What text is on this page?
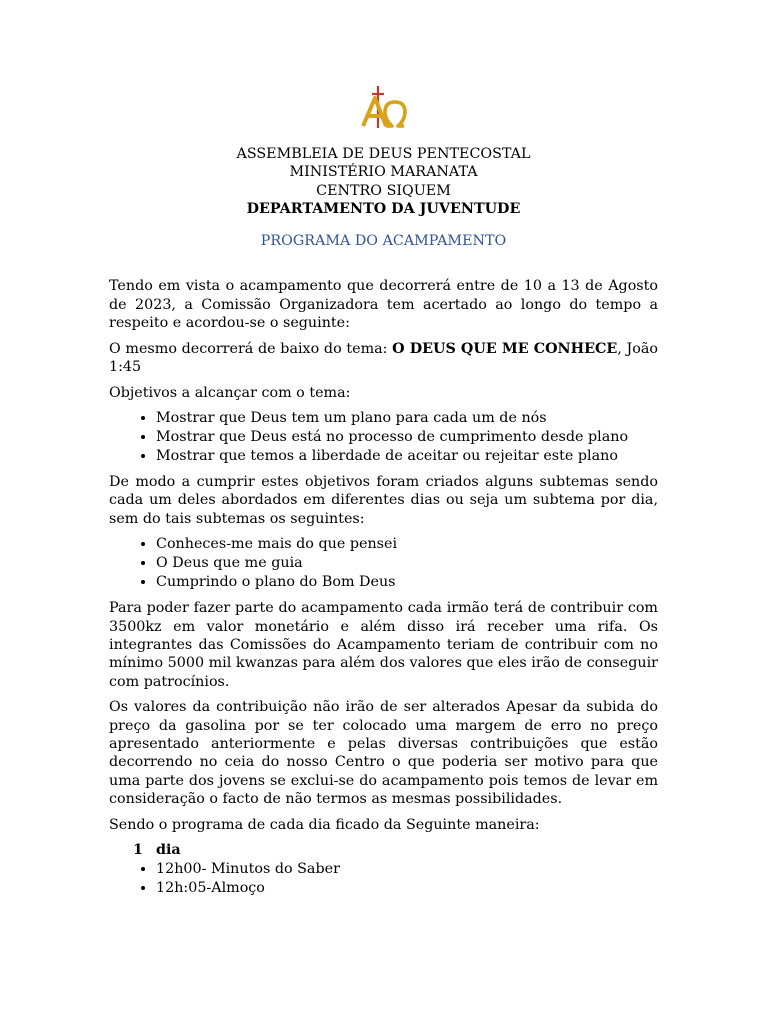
ASSEMBLEIA DE DEUS PENTECOSTAL
MINISTÉRIO MARANATA
CENTRO SIQUEM
DEPARTAMENTO DA JUVENTUDE
PROGRAMA DO ACAMPAMENTO

Tendo em vista o acampamento que decorrerá entre de 10 a 13 de Agosto de 2023, a Comissão Organizadora tem acertado ao longo do tempo a respeito e acordou-se o seguinte:

O mesmo decorrerá de baixo do tema: O DEUS QUE ME CONHECE, João 1:45

Objetivos a alcançar com o tema:

• Mostrar que Deus tem um plano para cada um de nós
• Mostrar que Deus está no processo de cumprimento desde plano
• Mostrar que temos a liberdade de aceitar ou rejeitar este plano

De modo a cumprir estes objetivos foram criados alguns subtemas sendo cada um deles abordados em diferentes dias ou seja um subtema por dia, sem do tais subtemas os seguintes:

• Conheces-me mais do que pensei
• O Deus que me guia
• Cumprindo o plano do Bom Deus

Para poder fazer parte do acampamento cada irmão terá de contribuir com 3500kz em valor monetário e além disso irá receber uma rifa. Os integrantes das Comissões do Acampamento teriam de contribuir com no mínimo 5000 mil kwanzas para além dos valores que eles irão de conseguir com patrocínios.

Os valores da contribuição não irão de ser alterados Apesar da subida do preço da gasolina por se ter colocado uma margem de erro no preço apresentado anteriormente e pelas diversas contribuições que estão decorrendo no ceia do nosso Centro o que poderia ser motivo para que uma parte dos jovens se exclui-se do acampamento pois temos de levar em consideração o facto de não termos as mesmas possibilidades.

Sendo o programa de cada dia ficado da Seguinte maneira:

1 dia
• 12h00- Minutos do Saber
• 12h:05-Almoço
